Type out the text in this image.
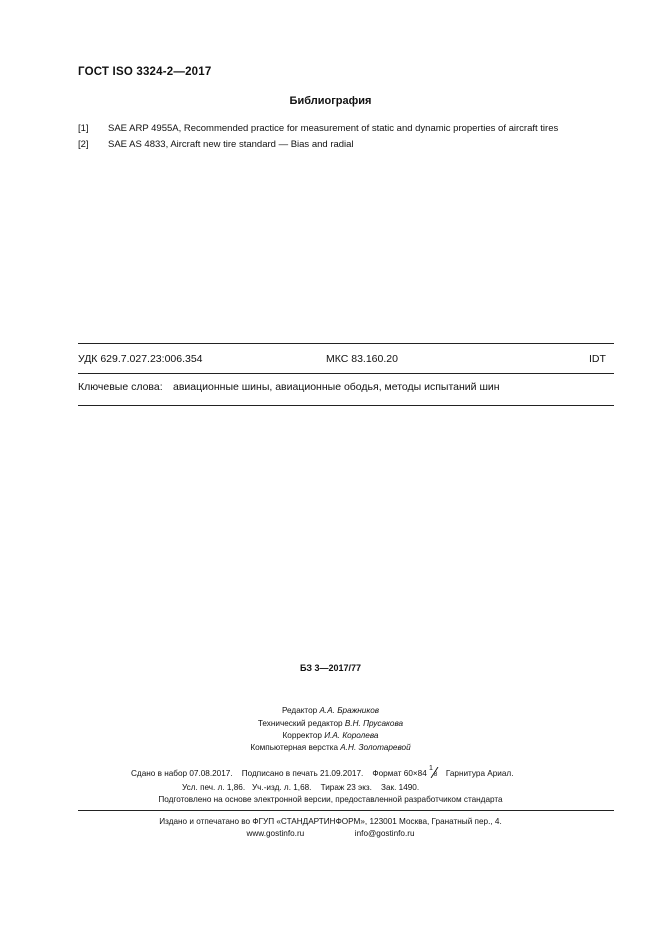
ГОСТ ISO 3324-2—2017
Библиография
[1] SAE ARP 4955A, Recommended practice for measurement of static and dynamic properties of aircraft tires
[2] SAE AS 4833, Aircraft new tire standard — Bias and radial
УДК 629.7.027.23:006.354	МКС 83.160.20	IDT
Ключевые слова: авиационные шины, авиационные ободья, методы испытаний шин
БЗ 3—2017/77
Редактор А.А. Бражников
Технический редактор В.Н. Прусакова
Корректор И.А. Королева
Компьютерная верстка А.Н. Золотаревой
Сдано в набор 07.08.2017. Подписано в печать 21.09.2017. Формат 60×84
1
8 Гарнитура Ариал.
Усл. печ. л. 1,86. Уч.-изд. л. 1,68. Тираж 23 экз. Зак. 1490.
Подготовлено на основе электронной версии, предоставленной разработчиком стандарта
Издано и отпечатано во ФГУП «СТАНДАРТИНФОРМ», 123001 Москва, Гранатный пер., 4.
www.gostinfo.ru	info@gostinfo.ru
